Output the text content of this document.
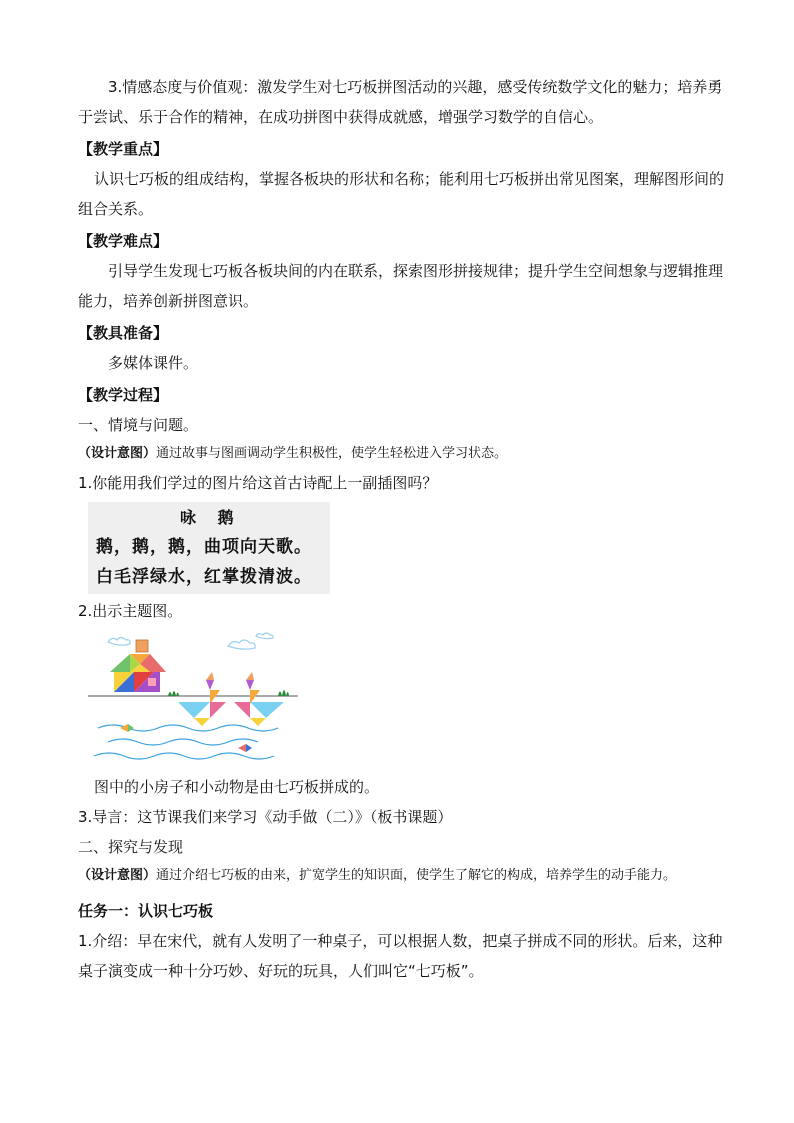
3.情感态度与价值观：激发学生对七巧板拼图活动的兴趣，感受传统数学文化的魅力；培养勇于尝试、乐于合作的精神，在成功拼图中获得成就感，增强学习数学的自信心。

【教学重点】

认识七巧板的组成结构，掌握各板块的形状和名称；能利用七巧板拼出常见图案，理解图形间的组合关系。

【教学难点】

引导学生发现七巧板各板块间的内在联系，探索图形拼接规律；提升学生空间想象与逻辑推理能力，培养创新拼图意识。

【教具准备】

多媒体课件。

【教学过程】

一、情境与问题。

（设计意图）通过故事与图画调动学生积极性，使学生轻松进入学习状态。

1.你能用我们学过的图片给这首古诗配上一副插图吗？

咏 鹅
鹅，鹅，鹅，曲项向天歌。
白毛浮绿水，红掌拨清波。

2.出示主题图。

图中的小房子和小动物是由七巧板拼成的。

3.导言：这节课我们来学习《动手做（二）》（板书课题）

二、探究与发现

（设计意图）通过介绍七巧板的由来，扩宽学生的知识面，使学生了解它的构成，培养学生的动手能力。

任务一：认识七巧板

1.介绍：早在宋代，就有人发明了一种桌子，可以根据人数，把桌子拼成不同的形状。后来，这种桌子演变成一种十分巧妙、好玩的玩具，人们叫它“七巧板”。
